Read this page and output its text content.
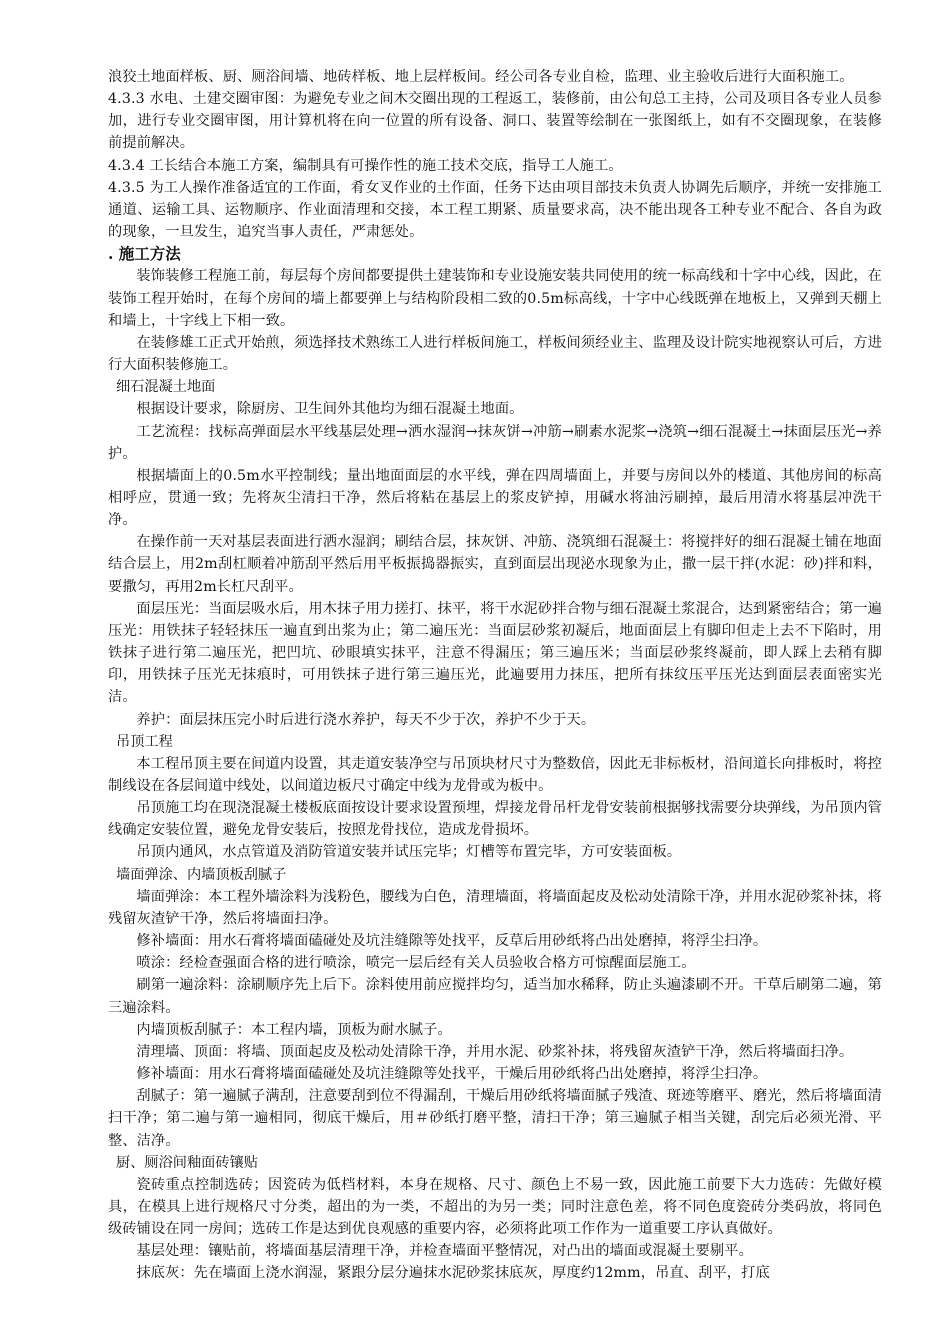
浪狡土地面样板、厨、厕浴间墙、地砖样板、地上层样板间。经公司各专业自检，监理、业主验收后进行大面积施工。

4.3.3 水电、土建交圈审图：为避免专业之间木交圈出现的工程返工，装修前，由公旬总工主持，公司及项目各专业人员参加，进行专业交圈审图，用计算机将在向一位置的所有设备、洞口、装置等绘制在一张图纸上，如有不交圈现象，在装修前提前解决。

4.3.4 工长结合本施工方案，编制具有可操作性的施工技术交底，指导工人施工。

4.3.5 为工人操作准备适宜的工作面，肴女叉作业的土作面，任务下达由项目部技未负责人协调先后顺序，并统一安排施工通道、运输工具、运物顺序、作业面清理和交接，本工程工期紧、质量要求高，决不能出现各工种专业不配合、各自为政的现象，一旦发生，追究当事人责任，严肃惩处。

. 施工方法

装饰装修工程施工前，每层每个房间都要提供土建装饰和专业设施安装共同使用的统一标高线和十字中心线，因此，在装饰工程开始时，在每个房间的墙上都要弹上与结构阶段相二致的0.5m标高线，十字中心线既弹在地板上，又弹到天棚上和墙上，十字线上下相一致。

在装修雄工正式开始煎，须选择技术熟练工人进行样板间施工，样板间须经业主、监理及设计院实地视察认可后，方进行大面积装修施工。

细石混凝土地面

根据设计要求，除厨房、卫生间外其他均为细石混凝土地面。

工艺流程：找标高弹面层水平线基层处理→洒水湿润→抹灰饼→冲筋→刷素水泥浆→浇筑→细石混凝土→抹面层压光→养护。

根据墙面上的0.5m水平控制线；量出地面面层的水平线，弹在四周墙面上，并要与房间以外的楼道、其他房间的标高相呼应，贯通一致；先将灰尘清扫干净，然后将粘在基层上的浆皮铲掉，用碱水将油污刷掉，最后用清水将基层冲洗干净。

在操作前一天对基层表面进行洒水湿润；刷结合层，抹灰饼、冲筋、浇筑细石混凝土：将搅拌好的细石混凝土铺在地面结合层上，用2m刮杠顺着冲筋刮平然后用平板振捣器振实，直到面层出现泌水现象为止，撒一层干拌(水泥：砂)拌和料，要撒匀，再用2m长杠尺刮平。

面层压光：当面层吸水后，用木抹子用力搓打、抹平，将干水泥砂拌合物与细石混凝土浆混合，达到紧密结合；第一遍压光：用铁抹子轻轻抹压一遍直到出浆为止；第二遍压光：当面层砂浆初凝后，地面面层上有脚印但走上去不下陷时，用铁抹子进行第二遍压光，把凹坑、砂眼填实抹平，注意不得漏压；第三遍压米；当面层砂浆终凝前，即人踩上去稍有脚印，用铁抹子压光无抹痕时，可用铁抹子进行第三遍压光，此遍要用力抹压，把所有抹纹压平压光达到面层表面密实光洁。

养护：面层抹压完小时后进行浇水养护，每天不少于次，养护不少于天。

吊顶工程

本工程吊顶主要在间道内设置，其走道安装净空与吊顶块材尺寸为整数倍，因此无非标板材，沿间道长向排板时，将控制线设在各层间道中线处，以间道边板尺寸确定中线为龙骨或为板中。

吊顶施工均在现浇混凝土楼板底面按设计要求设置预埋，焊接龙骨吊杆龙骨安装前根据够找需要分块弹线，为吊顶内管线确定安装位置，避免龙骨安装后，按照龙骨找位，造成龙骨损坏。

吊顶内通风，水点管道及消防管道安装并试压完毕；灯槽等布置完毕，方可安装面板。

墙面弹涂、内墙顶板刮腻子

墙面弹涂：本工程外墙涂料为浅粉色，腰线为白色，清理墙面，将墙面起皮及松动处清除干净，并用水泥砂浆补抹，将残留灰渣铲干净，然后将墙面扫净。

修补墙面：用水石膏将墙面磕碰处及坑洼缝隙等处找平，反草后用砂纸将凸出处磨掉，将浮尘扫净。

喷涂：经检查强面合格的进行喷涂，喷完一层后经有关人员验收合格方可惊醒面层施工。

刷第一遍涂料：涂刷顺序先上后下。涂料使用前应搅拌均匀，适当加水稀释，防止头遍漆刷不开。干草后刷第二遍，第三遍涂料。

内墙顶板刮腻子：本工程内墙，顶板为耐水腻子。

清理墙、顶面：将墙、顶面起皮及松动处清除干净，并用水泥、砂浆补抹，将残留灰渣铲干净，然后将墙面扫净。

修补墙面：用水石膏将墙面磕碰处及坑洼缝隙等处找平，干燥后用砂纸将凸出处磨掉，将浮尘扫净。

刮腻子：第一遍腻子满刮，注意要刮到位不得漏刮，干燥后用砂纸将墙面腻子残渣、斑迹等磨平、磨光，然后将墙面清扫干净；第二遍与第一遍相同，彻底干燥后，用＃砂纸打磨平整，清扫干净；第三遍腻子相当关键，刮完后必须光滑、平整、洁净。

厨、厕浴间釉面砖镶贴

瓷砖重点控制选砖；因瓷砖为低档材料，本身在规格、尺寸、颜色上不易一致，因此施工前要下大力选砖：先做好模具，在模具上进行规格尺寸分类，超出的为一类，不超出的为另一类；同时注意色差，将不同色度瓷砖分类码放，将同色级砖铺设在同一房间；选砖工作是达到优良观感的重要内容，必须将此项工作作为一道重要工序认真做好。

基层处理：镶贴前，将墙面基层清理干净，并检查墙面平整情况，对凸出的墙面或混凝土要剔平。

抹底灰：先在墙面上浇水润湿，紧跟分层分遍抹水泥砂浆抹底灰，厚度约12mm，吊直、刮平，打底
